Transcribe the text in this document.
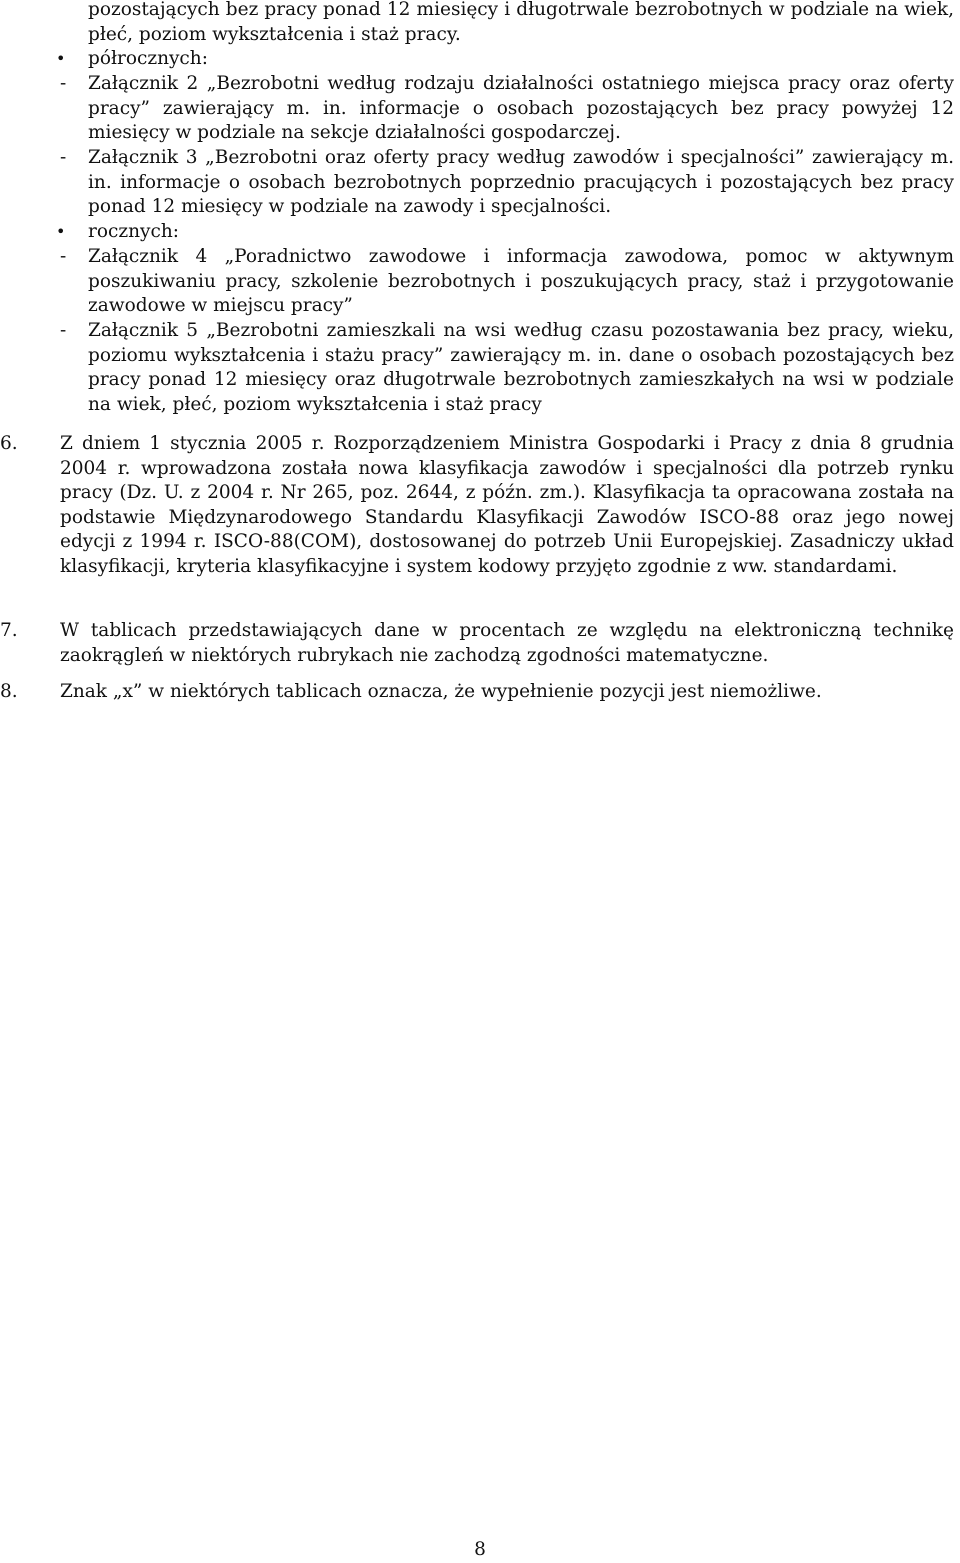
pozostających bez pracy ponad 12 miesięcy i długotrwale bezrobotnych w podziale na wiek, płeć, poziom wykształcenia i staż pracy.
• półrocznych:
- Załącznik 2 „Bezrobotni według rodzaju działalności ostatniego miejsca pracy oraz oferty pracy” zawierający m. in. informacje o osobach pozostających bez pracy powyżej 12 miesięcy w podziale na sekcje działalności gospodarczej.
- Załącznik 3 „Bezrobotni oraz oferty pracy według zawodów i specjalności” zawierający m. in. informacje o osobach bezrobotnych poprzednio pracujących i pozostających bez pracy ponad 12 miesięcy w podziale na zawody i specjalności.
• rocznych:
- Załącznik 4 „Poradnictwo zawodowe i informacja zawodowa, pomoc w aktywnym poszukiwaniu pracy, szkolenie bezrobotnych i poszukujących pracy, staż i przygotowanie zawodowe w miejscu pracy”
- Załącznik 5 „Bezrobotni zamieszkali na wsi według czasu pozostawania bez pracy, wieku, poziomu wykształcenia i stażu pracy” zawierający m. in. dane o osobach pozostających bez pracy ponad 12 miesięcy oraz długotrwale bezrobotnych zamieszkałych na wsi w podziale na wiek, płeć, poziom wykształcenia i staż pracy
6.	Z dniem 1 stycznia 2005 r. Rozporządzeniem Ministra Gospodarki i Pracy z dnia 8 grudnia 2004 r. wprowadzona została nowa klasyfikacja zawodów i specjalności dla potrzeb rynku pracy (Dz. U. z 2004 r. Nr 265, poz. 2644, z późn. zm.). Klasyfikacja ta opracowana została na podstawie Międzynarodowego Standardu Klasyfikacji Zawodów ISCO-88 oraz jego nowej edycji z 1994 r. ISCO-88(COM), dostosowanej do potrzeb Unii Europejskiej. Zasadniczy układ klasyfikacji, kryteria klasyfikacyjne i system kodowy przyjęto zgodnie z ww. standardami.
7.	W tablicach przedstawiających dane w procentach ze względu na elektroniczną technikę zaokrągleń w niektórych rubrykach nie zachodzą zgodności matematyczne.
8.	Znak „x” w niektórych tablicach oznacza, że wypełnienie pozycji jest niemożliwe.
8
